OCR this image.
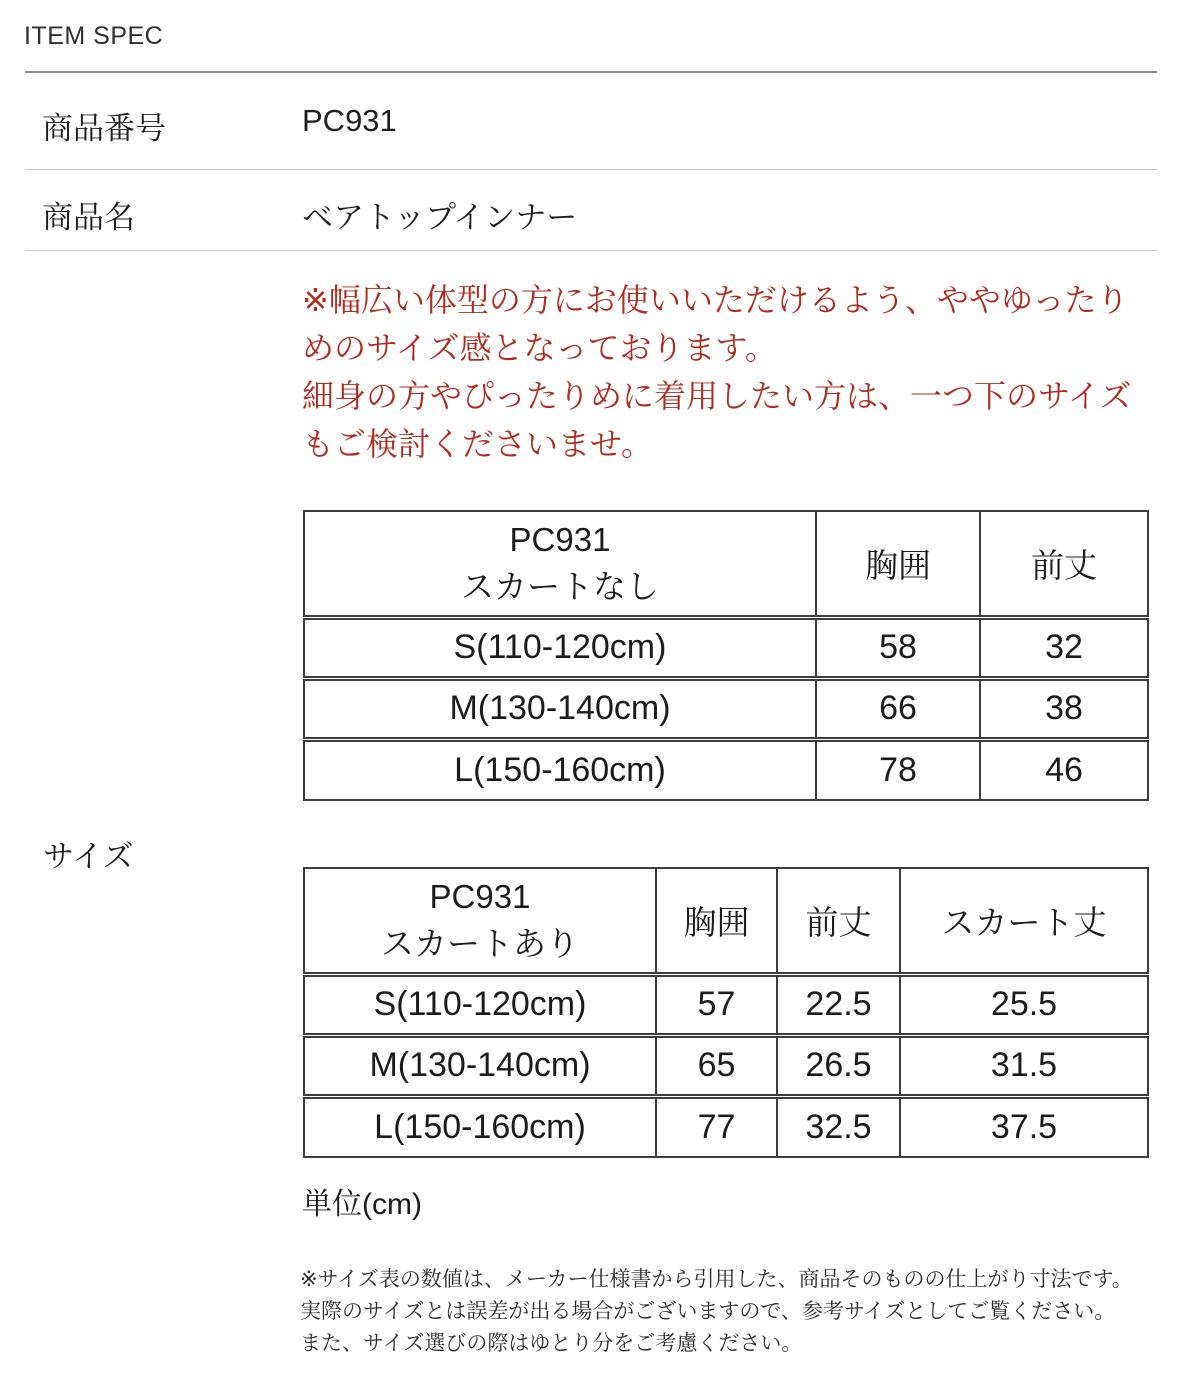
ITEM SPEC
商品番号	PC931
商品名	ベアトップインナー
※幅広い体型の方にお使いいただけるよう、ややゆったり
めのサイズ感となっております。
細身の方やぴったりめに着用したい方は、一つ下のサイズ
もご検討くださいませ。
サイズ
PC931
スカートなし	胸囲	前丈
S(110-120cm)	58	32
M(130-140cm)	66	38
L(150-160cm)	78	46
PC931
スカートあり	胸囲	前丈	スカート丈
S(110-120cm)	57	22.5	25.5
M(130-140cm)	65	26.5	31.5
L(150-160cm)	77	32.5	37.5
単位(cm)
※サイズ表の数値は、メーカー仕様書から引用した、商品そのものの仕上がり寸法です。
実際のサイズとは誤差が出る場合がございますので、参考サイズとしてご覧ください。
また、サイズ選びの際はゆとり分をご考慮ください。
